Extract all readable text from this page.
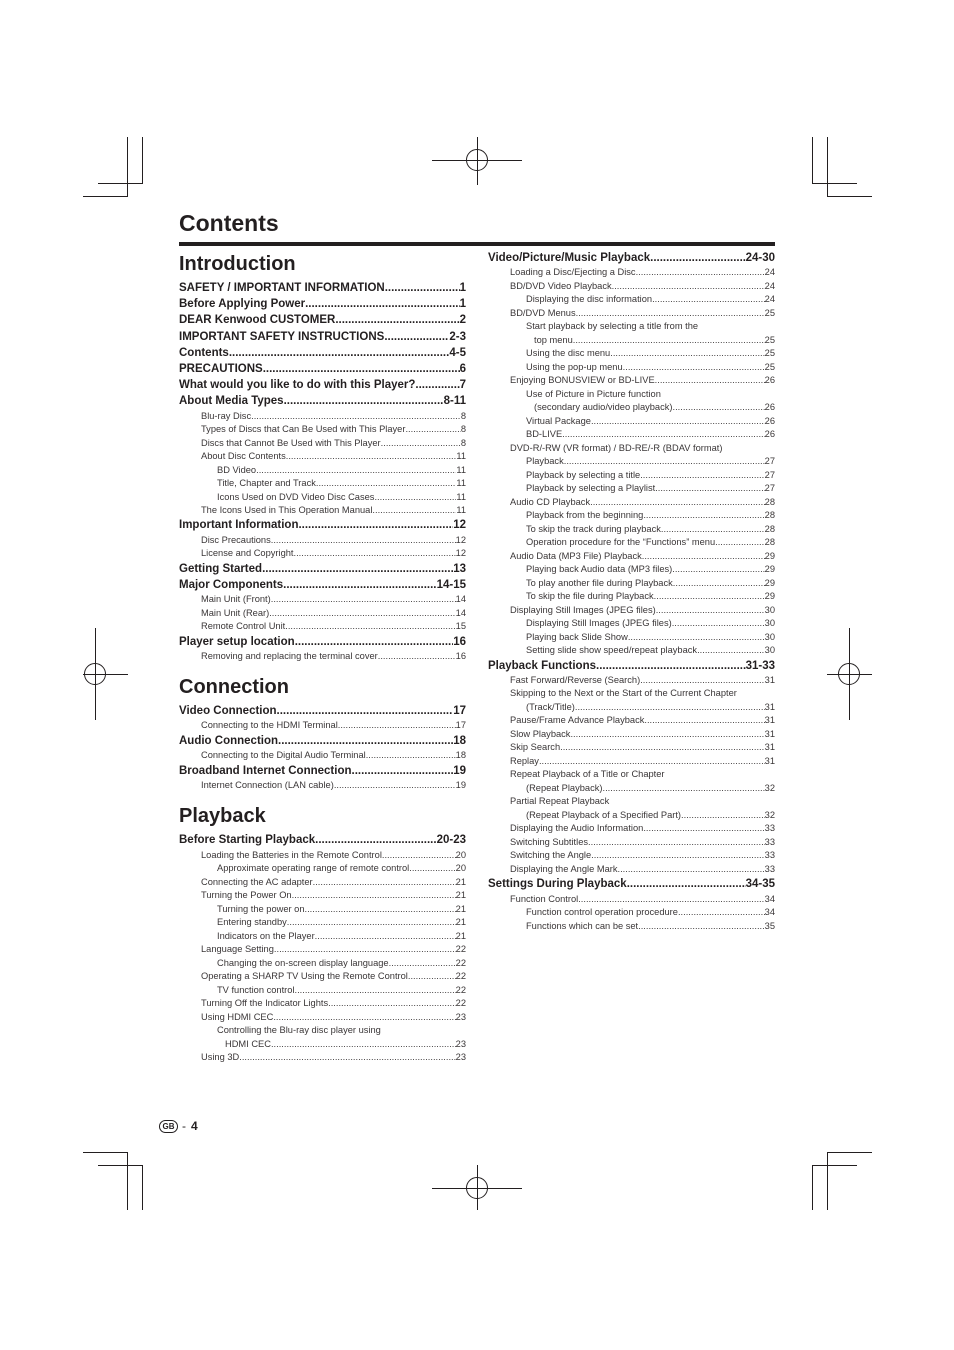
Contents
Introduction
SAFETY / IMPORTANT INFORMATION .....	1
Before Applying Power .....	1
DEAR Kenwood CUSTOMER .....	2
IMPORTANT SAFETY INSTRUCTIONS .....	2-3
Contents .....	4-5
PRECAUTIONS .....	6
What would you like to do with this Player? .....	7
About Media Types .....	8-11
Blu-ray Disc .....	8
Types of Discs that Can Be Used with This Player .....	8
Discs that Cannot Be Used with This Player .....	8
About Disc Contents .....	11
BD Video .....	11
Title, Chapter and Track .....	11
Icons Used on DVD Video Disc Cases .....	11
The Icons Used in This Operation Manual .....	11
Important Information .....	12
Disc Precautions .....	12
License and Copyright .....	12
Getting Started .....	13
Major Components .....	14-15
Main Unit (Front) .....	14
Main Unit (Rear) .....	14
Remote Control Unit .....	15
Player setup location .....	16
Removing and replacing the terminal cover .....	16
Connection
Video Connection .....	17
Connecting to the HDMI Terminal .....	17
Audio Connection .....	18
Connecting to the Digital Audio Terminal .....	18
Broadband Internet Connection .....	19
Internet Connection (LAN cable) .....	19
Playback
Before Starting Playback .....	20-23
Loading the Batteries in the Remote Control .....	20
Approximate operating range of remote control .....	20
Connecting the AC adapter .....	21
Turning the Power On .....	21
Turning the power on .....	21
Entering standby .....	21
Indicators on the Player .....	21
Language Setting .....	22
Changing the on-screen display language .....	22
Operating a SHARP TV Using the Remote Control .....	22
TV function control .....	22
Turning Off the Indicator Lights .....	22
Using HDMI CEC .....	23
Controlling the Blu-ray disc player using
HDMI CEC .....	23
Using 3D .....	23
Video/Picture/Music Playback .....	24-30
Loading a Disc/Ejecting a Disc .....	24
BD/DVD Video Playback .....	24
Displaying the disc information .....	24
BD/DVD Menus .....	25
Start playback by selecting a title from the
top menu .....	25
Using the disc menu .....	25
Using the pop-up menu .....	25
Enjoying BONUSVIEW or BD-LIVE .....	26
Use of Picture in Picture function
(secondary audio/video playback) .....	26
Virtual Package .....	26
BD-LIVE .....	26
DVD-R/-RW (VR format) / BD-RE/-R (BDAV format)
Playback .....	27
Playback by selecting a title .....	27
Playback by selecting a Playlist .....	27
Audio CD Playback .....	28
Playback from the beginning .....	28
To skip the track during playback .....	28
Operation procedure for the “Functions” menu .....	28
Audio Data (MP3 File) Playback .....	29
Playing back Audio data (MP3 files) .....	29
To play another file during Playback .....	29
To skip the file during Playback .....	29
Displaying Still Images (JPEG files) .....	30
Displaying Still Images (JPEG files) .....	30
Playing back Slide Show .....	30
Setting slide show speed/repeat playback .....	30
Playback Functions .....	31-33
Fast Forward/Reverse (Search) .....	31
Skipping to the Next or the Start of the Current Chapter
(Track/Title) .....	31
Pause/Frame Advance Playback .....	31
Slow Playback .....	31
Skip Search .....	31
Replay .....	31
Repeat Playback of a Title or Chapter
(Repeat Playback) .....	32
Partial Repeat Playback
(Repeat Playback of a Specified Part) .....	32
Displaying the Audio Information .....	33
Switching Subtitles .....	33
Switching the Angle .....	33
Displaying the Angle Mark .....	33
Settings During Playback .....	34-35
Function Control .....	34
Function control operation procedure .....	34
Functions which can be set .....	35
GB - 4
